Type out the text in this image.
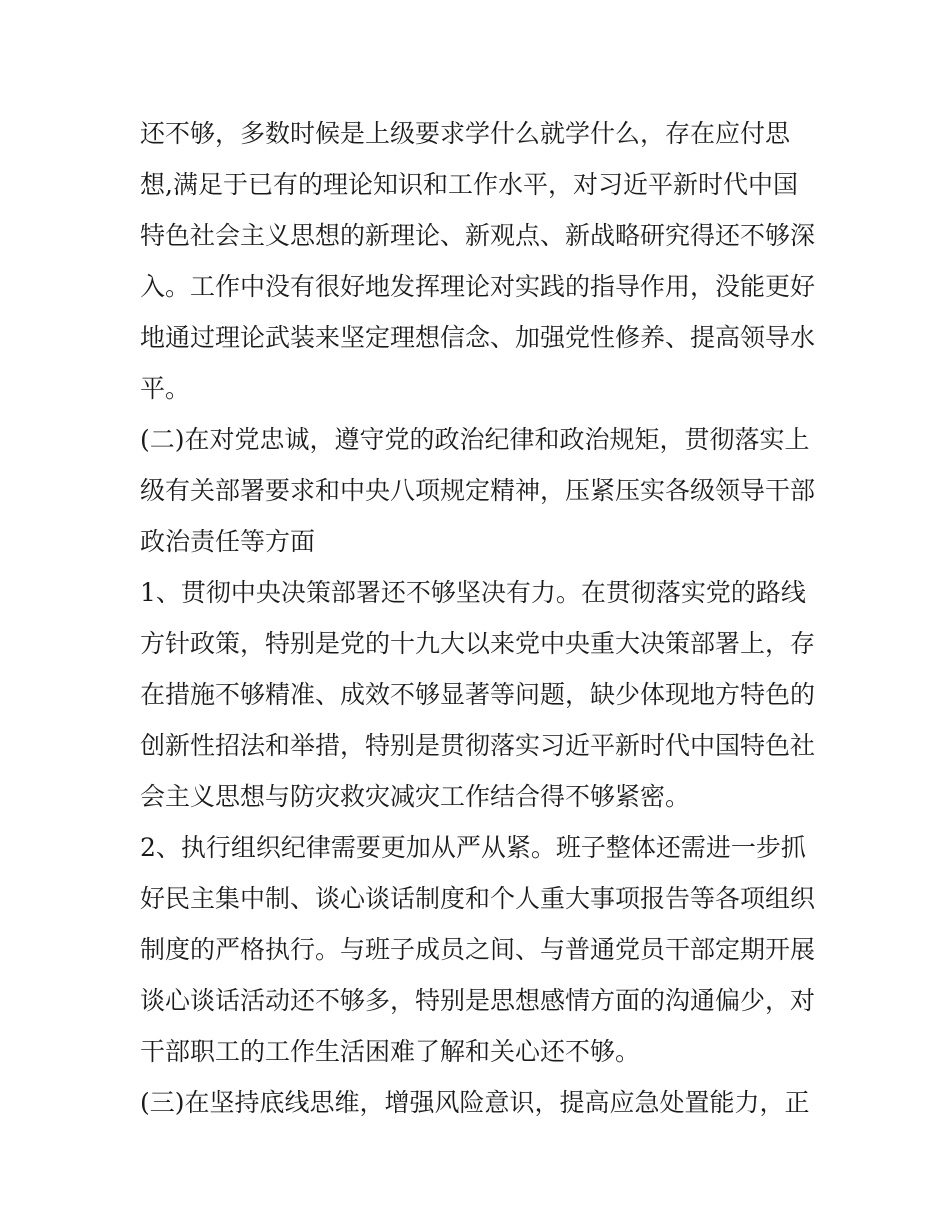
还不够，多数时候是上级要求学什么就学什么，存在应付思
想,满足于已有的理论知识和工作水平，对习近平新时代中国
特色社会主义思想的新理论、新观点、新战略研究得还不够深
入。工作中没有很好地发挥理论对实践的指导作用，没能更好
地通过理论武装来坚定理想信念、加强党性修养、提高领导水
平。
(二)在对党忠诚，遵守党的政治纪律和政治规矩，贯彻落实上
级有关部署要求和中央八项规定精神，压紧压实各级领导干部
政治责任等方面
1、贯彻中央决策部署还不够坚决有力。在贯彻落实党的路线
方针政策，特别是党的十九大以来党中央重大决策部署上，存
在措施不够精准、成效不够显著等问题，缺少体现地方特色的
创新性招法和举措，特别是贯彻落实习近平新时代中国特色社
会主义思想与防灾救灾减灾工作结合得不够紧密。
2、执行组织纪律需要更加从严从紧。班子整体还需进一步抓
好民主集中制、谈心谈话制度和个人重大事项报告等各项组织
制度的严格执行。与班子成员之间、与普通党员干部定期开展
谈心谈话活动还不够多，特别是思想感情方面的沟通偏少，对
干部职工的工作生活困难了解和关心还不够。
(三)在坚持底线思维，增强风险意识，提高应急处置能力，正
